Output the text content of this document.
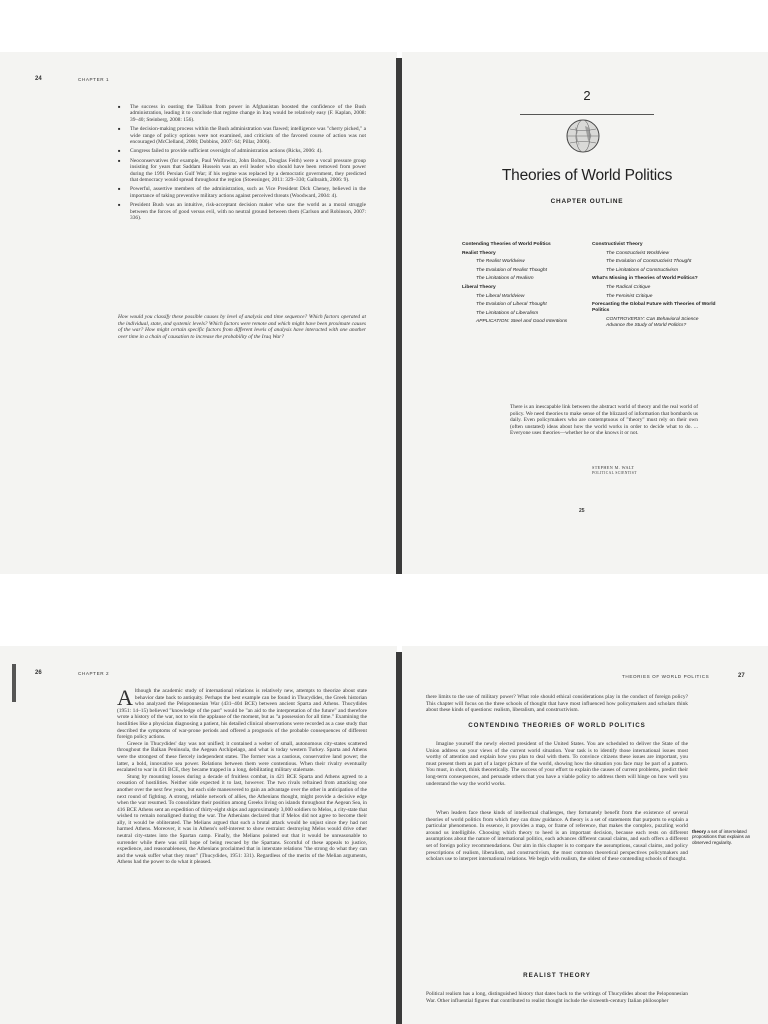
24	CHAPTER 1
■ The success in ousting the Taliban from power in Afghanistan boosted the confidence of the Bush administration, leading it to conclude that regime change in Iraq would be relatively easy (F. Kaplan, 2008: 39–40; Steinberg, 2008: 156).
■ The decision-making process within the Bush administration was flawed; intelligence was "cherry picked," a wide range of policy options were not examined, and criticism of the favored course of action was not encouraged (McClelland, 2008; Dobbins, 2007: 64; Pillar, 2006).
■ Congress failed to provide sufficient oversight of administration actions (Ricks, 2006: 4).
■ Neoconservatives (for example, Paul Wolfowitz, John Bolton, Douglas Feith) were a vocal pressure group insisting for years that Saddam Hussein was an evil leader who should have been removed from power during the 1991 Persian Gulf War; if his regime was replaced by a democratic government, they predicted that democracy would spread throughout the region (Stoessinger, 2011: 329–330; Galbraith, 2006: 9).
■ Powerful, assertive members of the administration, such as Vice President Dick Cheney, believed in the importance of taking preventive military actions against perceived threats (Woodward, 2004: 4).
■ President Bush was an intuitive, risk-acceptant decision maker who saw the world as a moral struggle between the forces of good versus evil, with no neutral ground between them (Carlson and Robinson, 2007: 336).
How would you classify these possible causes by level of analysis and time sequence? Which factors operated at the individual, state, and systemic levels? Which factors were remote and which might have been proximate causes of the war? How might certain specific factors from different levels of analysis have interacted with one another over time in a chain of causation to increase the probability of the Iraq War?
2
Theories of World Politics
CHAPTER OUTLINE
Contending Theories of World Politics
Realist Theory
The Realist Worldview
The Evolution of Realist Thought
The Limitations of Realism
Liberal Theory
The Liberal Worldview
The Evolution of Liberal Thought
The Limitations of Liberalism
APPLICATION: Steel and Good Intentions
Constructivist Theory
The Constructivist Worldview
The Evolution of Constructivist Thought
The Limitations of Constructivism
What's Missing in Theories of World Politics?
The Radical Critique
The Feminist Critique
Forecasting the Global Future with Theories of World Politics
CONTROVERSY: Can Behavioral Science Advance the Study of World Politics?
There is an inescapable link between the abstract world of theory and the real world of policy. We need theories to make sense of the blizzard of information that bombards us daily. Even policymakers who are contemptuous of "theory" must rely on their own (often unstated) ideas about how the world works in order to decide what to do. ... Everyone uses theories—whether he or she knows it or not.
STEPHEN M. WALT
POLITICAL SCIENTIST
25
26	CHAPTER 2

Although the academic study of international relations is relatively new, attempts to theorize about state behavior date back to antiquity. Perhaps the best example can be found in Thucydides, the Greek historian who analyzed the Peloponnesian War (431–404 BCE) between ancient Sparta and Athens. Thucydides (1951: 14–15) believed "knowledge of the past" would be "an aid to the interpretation of the future" and therefore wrote a history of the war, not to win the applause of the moment, but as "a possession for all time." Examining the hostilities like a physician diagnosing a patient, his detailed clinical observations were recorded as a case study that described the symptoms of war-prone periods and offered a prognosis of the probable consequences of different foreign policy actions.

Greece in Thucydides' day was not unified; it contained a welter of small, autonomous city-states scattered throughout the Balkan Peninsula, the Aegean Archipelago, and what is today western Turkey. Sparta and Athens were the strongest of these fiercely independent states. The former was a cautious, conservative land power; the latter, a bold, innovative sea power. Relations between them were contentious. When their rivalry eventually escalated to war in 431 BCE, they became trapped in a long, debilitating military stalemate.

Stung by mounting losses during a decade of fruitless combat, in 421 BCE Sparta and Athens agreed to a cessation of hostilities. Neither side expected it to last, however. The two rivals refrained from attacking one another over the next few years, but each side maneuvered to gain an advantage over the other in anticipation of the next round of fighting. A strong, reliable network of allies, the Athenians thought, might provide a decisive edge when the war resumed. To consolidate their position among Greeks living on islands throughout the Aegean Sea, in 416 BCE Athens sent an expedition of thirty-eight ships and approximately 3,000 soldiers to Melos, a city-state that wished to remain nonaligned during the war. The Athenians declared that if Melos did not agree to become their ally, it would be obliterated. The Melians argued that such a brutal attack would be unjust since they had not harmed Athens. Moreover, it was in Athens's self-interest to show restraint: destroying Melos would drive other neutral city-states into the Spartan camp. Finally, the Melians pointed out that it would be unreasonable to surrender while there was still hope of being rescued by the Spartans. Scornful of these appeals to justice, expedience, and reasonableness, the Athenians proclaimed that in interstate relations "the strong do what they can and the weak suffer what they must" (Thucydides, 1951: 331). Regardless of the merits of the Melian arguments, Athens had the power to do what it pleased.

THEORIES OF WORLD POLITICS	27
there limits to the use of military power? What role should ethical considerations play in the conduct of foreign policy? This chapter will focus on the three schools of thought that have most influenced how policymakers and scholars think about these kinds of questions: realism, liberalism, and constructivism.
CONTENDING THEORIES OF WORLD POLITICS
Imagine yourself the newly elected president of the United States. You are scheduled to deliver the State of the Union address on your views of the current world situation. Your task is to identify those international issues most worthy of attention and explain how you plan to deal with them. To convince citizens these issues are important, you must present them as part of a larger picture of the world, showing how the situation you face may be part of a pattern. You must, in short, think theoretically. The success of your effort to explain the causes of current problems, predict their long-term consequences, and persuade others that you have a viable policy to address them will hinge on how well you understand the way the world works.
When leaders face these kinds of intellectual challenges, they fortunately benefit from the existence of several theories of world politics from which they can draw guidance. A theory is a set of statements that purports to explain a particular phenomenon. In essence, it provides a map, or frame of reference, that makes the complex, puzzling world around us intelligible. Choosing which theory to heed is an important decision, because each rests on different assumptions about the nature of international politics, each advances different causal claims, and each offers a different set of foreign policy recommendations. Our aim in this chapter is to compare the assumptions, causal claims, and policy prescriptions of realism, liberalism, and constructivism, the most common theoretical perspectives policymakers and scholars use to interpret international relations. We begin with realism, the oldest of these contending schools of thought.
theory a set of interrelated propositions that explains an observed regularity.
REALIST THEORY
Political realism has a long, distinguished history that dates back to the writings of Thucydides about the Peloponnesian War. Other influential figures that contributed to realist thought include the sixteenth-century Italian philosopher
